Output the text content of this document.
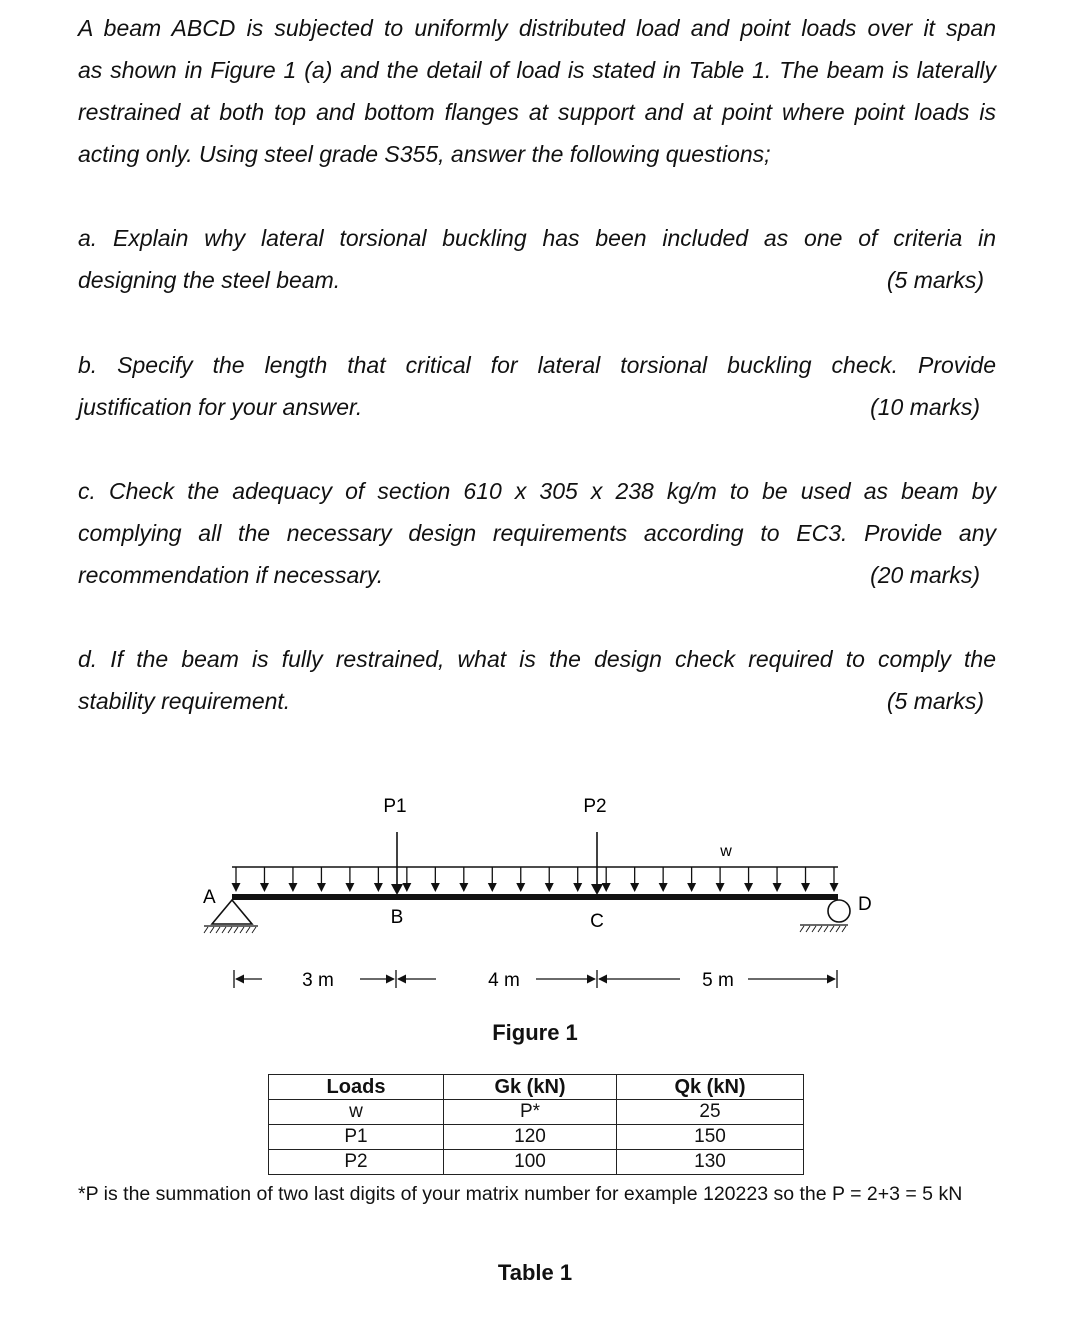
A beam ABCD is subjected to uniformly distributed load and point loads over it span
as shown in Figure 1 (a) and the detail of load is stated in Table 1. The beam is laterally
restrained at both top and bottom flanges at support and at point where point loads is
acting only. Using steel grade S355, answer the following questions;
a. Explain why lateral torsional buckling has been included as one of criteria in
designing the steel beam.	(5 marks)
b. Specify the length that critical for lateral torsional buckling check. Provide
justification for your answer.	(10 marks)
c. Check the adequacy of section 610 x 305 x 238 kg/m to be used as beam by
complying all the necessary design requirements according to EC3. Provide any
recommendation if necessary.	(20 marks)
d. If the beam is fully restrained, what is the design check required to comply the
stability requirement.	(5 marks)
P1	P2
w
A
B	C
D
3 m	4 m	5 m
Figure 1
Loads	Gk (kN)	Qk (kN)
w	P*	25
P1	120	150
P2	100	130
*P is the summation of two last digits of your matrix number for example 120223 so the P = 2+3 = 5 kN
Table 1
